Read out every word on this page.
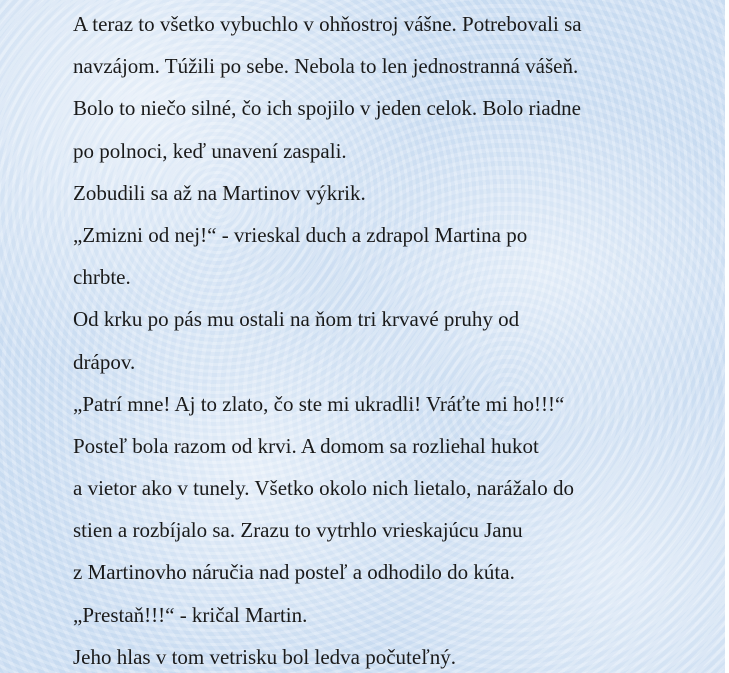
A teraz to všetko vybuchlo v ohňostroj vášne. Potrebovali sa
navzájom. Túžili po sebe. Nebola to len jednostranná vášeň.
Bolo to niečo silné, čo ich spojilo v jeden celok. Bolo riadne
po polnoci, keď unavení zaspali.
Zobudili sa až na Martinov výkrik.
„Zmizni od nej!“ - vrieskal duch a zdrapol Martina po
chrbte.
Od krku po pás mu ostali na ňom tri krvavé pruhy od
drápov.
„Patrí mne! Aj to zlato, čo ste mi ukradli! Vráťte mi ho!!!“
Posteľ bola razom od krvi. A domom sa rozliehal hukot
a vietor ako v tunely. Všetko okolo nich lietalo, narážalo do
stien a rozbíjalo sa. Zrazu to vytrhlo vrieskajúcu Janu
z Martinovho náručia nad posteľ a odhodilo do kúta.
„Prestaň!!!“ - kričal Martin.
Jeho hlas v tom vetrisku bol ledva počuteľný.
